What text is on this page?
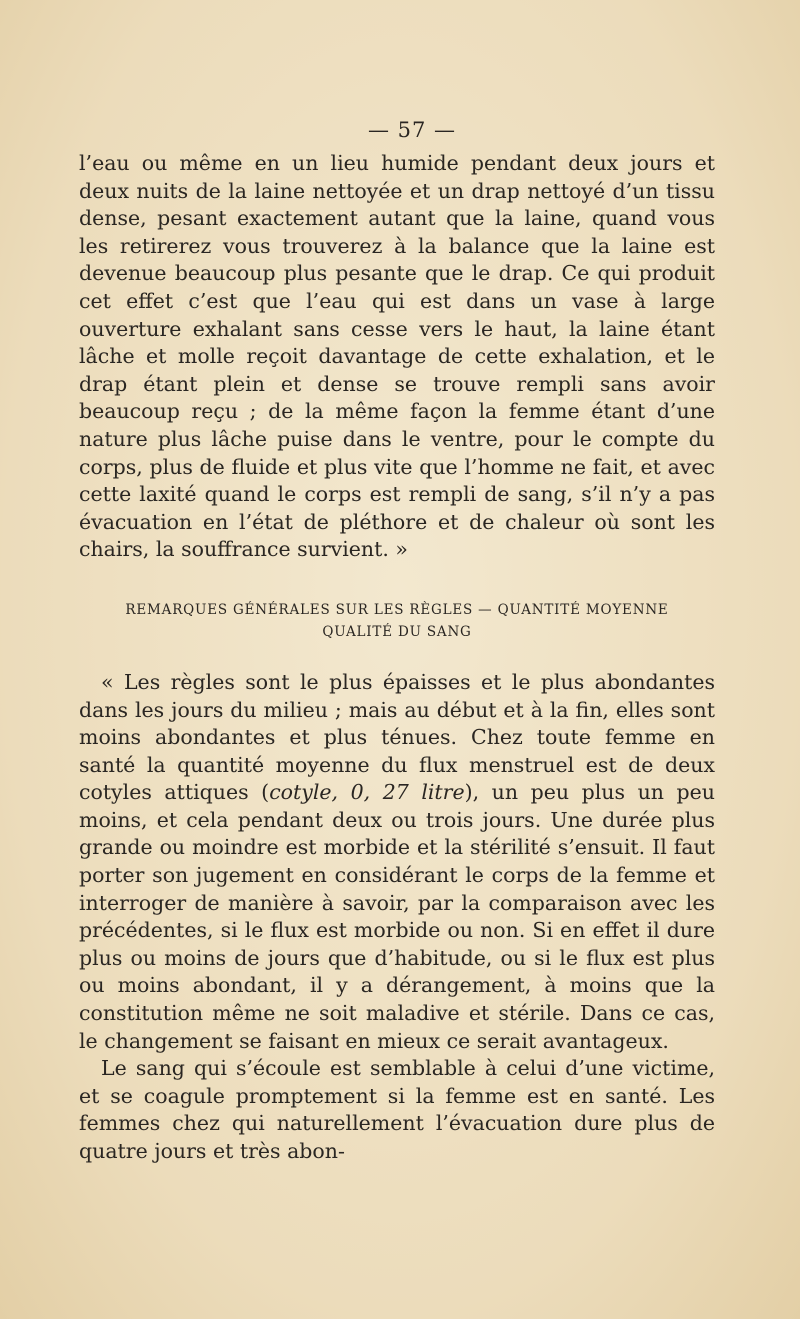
— 57 —

l’eau ou même en un lieu humide pendant deux jours et deux nuits de la laine nettoyée et un drap nettoyé d’un tissu dense, pesant exactement autant que la laine, quand vous les retirerez vous trouverez à la balance que la laine est devenue beaucoup plus pesante que le drap. Ce qui produit cet effet c’est que l’eau qui est dans un vase à large ouverture exhalant sans cesse vers le haut, la laine étant lâche et molle reçoit davantage de cette exhalation, et le drap étant plein et dense se trouve rempli sans avoir beaucoup reçu ; de la même façon la femme étant d’une nature plus lâche puise dans le ventre, pour le compte du corps, plus de fluide et plus vite que l’homme ne fait, et avec cette laxité quand le corps est rempli de sang, s’il n’y a pas évacuation en l’état de pléthore et de chaleur où sont les chairs, la souffrance survient. »

REMARQUES GÉNÉRALES SUR LES RÈGLES — QUANTITÉ MOYENNE
QUALITÉ DU SANG

« Les règles sont le plus épaisses et le plus abondantes dans les jours du milieu ; mais au début et à la fin, elles sont moins abondantes et plus ténues. Chez toute femme en santé la quantité moyenne du flux menstruel est de deux cotyles attiques (cotyle, 0, 27 litre), un peu plus un peu moins, et cela pendant deux ou trois jours. Une durée plus grande ou moindre est morbide et la stérilité s’ensuit. Il faut porter son jugement en considérant le corps de la femme et interroger de manière à savoir, par la comparaison avec les précédentes, si le flux est morbide ou non. Si en effet il dure plus ou moins de jours que d’habitude, ou si le flux est plus ou moins abondant, il y a dérangement, à moins que la constitution même ne soit maladive et stérile. Dans ce cas, le changement se faisant en mieux ce serait avantageux.

Le sang qui s’écoule est semblable à celui d’une victime, et se coagule promptement si la femme est en santé. Les femmes chez qui naturellement l’évacuation dure plus de quatre jours et très abon-
